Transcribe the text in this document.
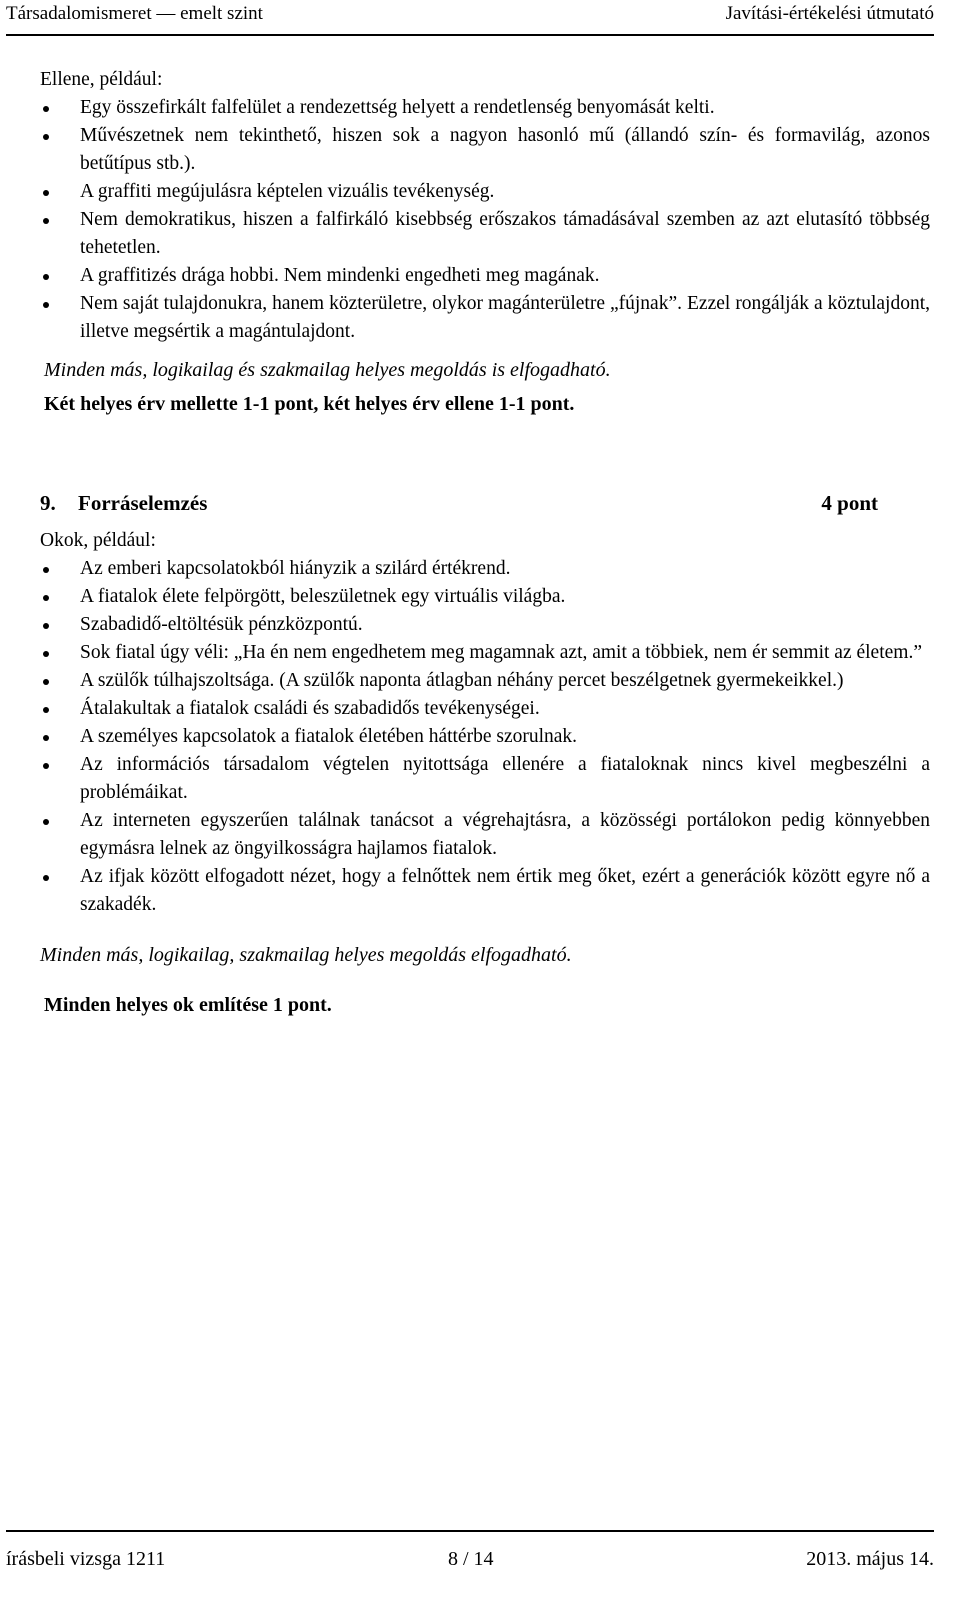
Társadalomismeret — emelt szint	Javítási-értékelési útmutató
Ellene, például:
Egy összefirkált falfelület a rendezettség helyett a rendetlenség benyomását kelti.
Művészetnek nem tekinthető, hiszen sok a nagyon hasonló mű (állandó szín- és formavilág, azonos betűtípus stb.).
A graffiti megújulásra képtelen vizuális tevékenység.
Nem demokratikus, hiszen a falfirkáló kisebbség erőszakos támadásával szemben az azt elutasító többség tehetetlen.
A graffitizés drága hobbi. Nem mindenki engedheti meg magának.
Nem saját tulajdonukra, hanem közterületre, olykor magánterületre „fújnak”. Ezzel rongálják a köztulajdont, illetve megsértik a magántulajdont.
Minden más, logikailag és szakmailag helyes megoldás is elfogadható.
Két helyes érv mellette 1-1 pont, két helyes érv ellene 1-1 pont.
9. Forráselemzés	4 pont
Okok, például:
Az emberi kapcsolatokból hiányzik a szilárd értékrend.
A fiatalok élete felpörgött, beleszületnek egy virtuális világba.
Szabadidő-eltöltésük pénzközpontú.
Sok fiatal úgy véli: „Ha én nem engedhetem meg magamnak azt, amit a többiek, nem ér semmit az életem.”
A szülők túlhajszoltsága. (A szülők naponta átlagban néhány percet beszélgetnek gyermekeikkel.)
Átalakultak a fiatalok családi és szabadidős tevékenységei.
A személyes kapcsolatok a fiatalok életében háttérbe szorulnak.
Az információs társadalom végtelen nyitottsága ellenére a fiataloknak nincs kivel megbeszélni a problémáikat.
Az interneten egyszerűen találnak tanácsot a végrehajtásra, a közösségi portálokon pedig könnyebben egymásra lelnek az öngyilkosságra hajlamos fiatalok.
Az ifjak között elfogadott nézet, hogy a felnőttek nem értik meg őket, ezért a generációk között egyre nő a szakadék.
Minden más, logikailag, szakmailag helyes megoldás elfogadható.
Minden helyes ok említése 1 pont.
írásbeli vizsga 1211	8 / 14	2013. május 14.
